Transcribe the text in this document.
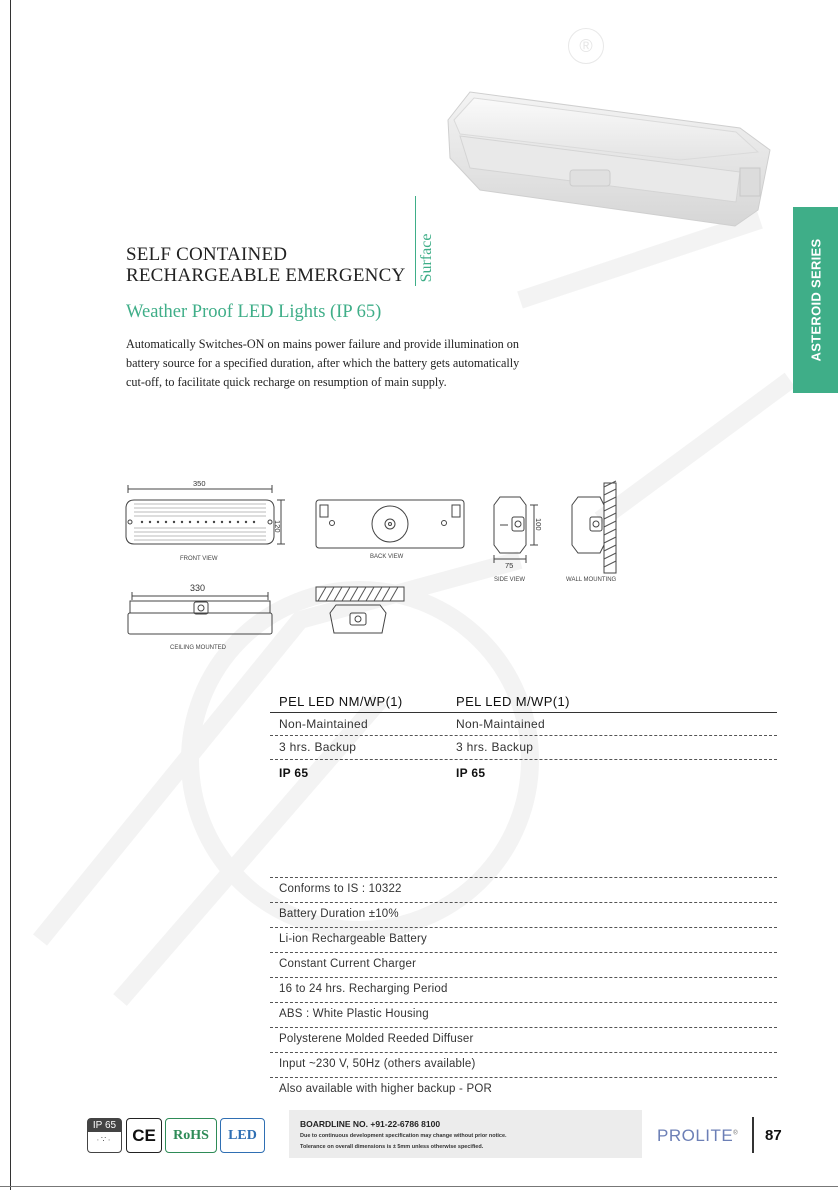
®
ASTEROID SERIES
SELF CONTAINED
RECHARGEABLE EMERGENCY Surface
Weather Proof LED Lights (IP 65)
Automatically Switches-ON on mains power failure and provide illumination on
battery source for a specified duration, after which the battery gets automatically
cut-off, to facilitate quick recharge on resumption of main supply.
350
120
FRONT VIEW	BACK VIEW
100
75
SIDE VIEW	WALL MOUNTING
330
CEILING MOUNTED
PEL LED NM/WP(1)	PEL LED M/WP(1)
Non-Maintained	Non-Maintained
3 hrs. Backup	3 hrs. Backup
IP 65	IP 65
Conforms to IS : 10322
Battery Duration ±10%
Li-ion Rechargeable Battery
Constant Current Charger
16 to 24 hrs. Recharging Period
ABS : White Plastic Housing
Polysterene Molded Reeded Diffuser
Input ~230 V, 50Hz (others available)
Also available with higher backup - POR
IP 65
∙∵∙	CE	RoHS	LED
BOARDLINE NO. +91-22-6786 8100
Due to continuous development specification may change without prior notice.
Tolerance on overall dimensions is ± 5mm unless otherwise specified.
PROLITE® 87
